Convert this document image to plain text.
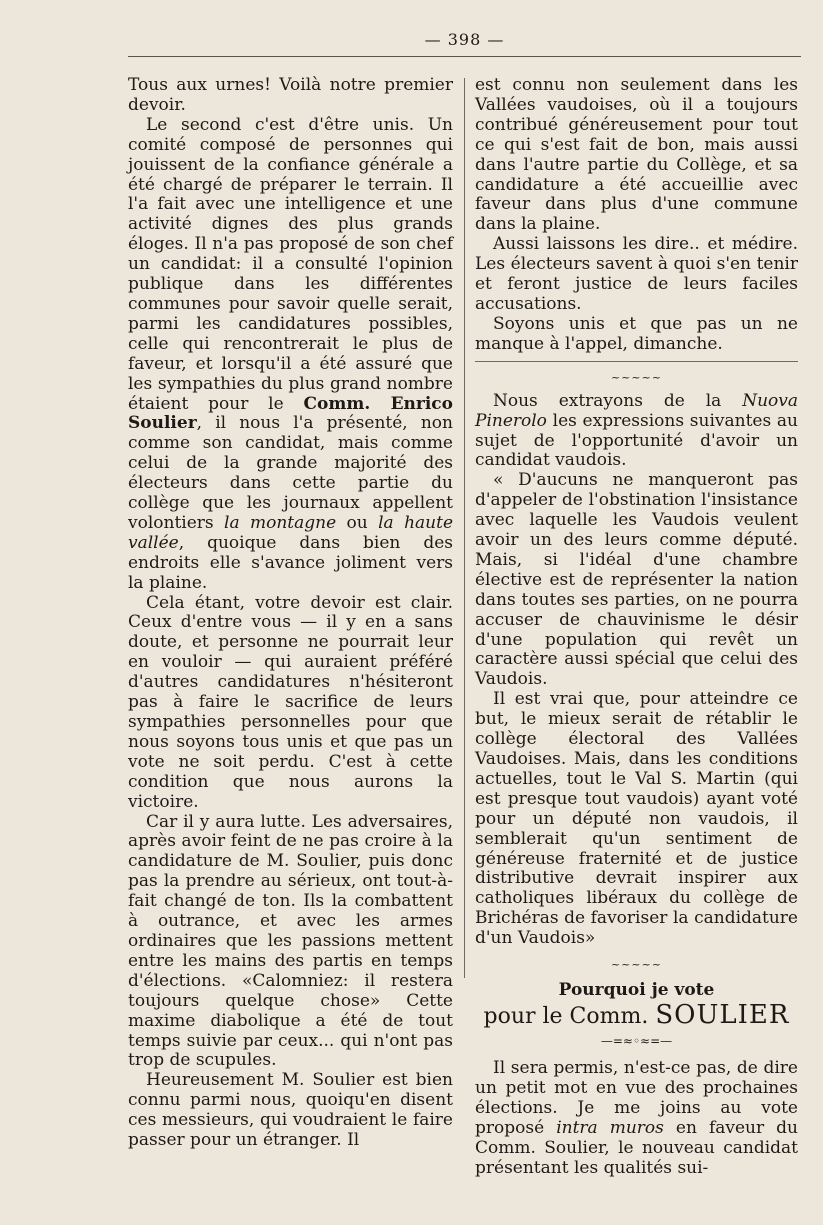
— 398 —

Tous aux urnes! Voilà notre premier devoir.

Le second c'est d'être unis. Un comité composé de personnes qui jouissent de la confiance générale a été chargé de préparer le terrain. Il l'a fait avec une intelligence et une activité dignes des plus grands éloges. Il n'a pas proposé de son chef un candidat: il a consulté l'opinion publique dans les différentes communes pour savoir quelle serait, parmi les candidatures possibles, celle qui rencontrerait le plus de faveur, et lorsqu'il a été assuré que les sympathies du plus grand nombre étaient pour le Comm. Enrico Soulier, il nous l'a présenté, non comme son candidat, mais comme celui de la grande majorité des électeurs dans cette partie du collège que les journaux appellent volontiers la montagne ou la haute vallée, quoique dans bien des endroits elle s'avance joliment vers la plaine.

Cela étant, votre devoir est clair. Ceux d'entre vous — il y en a sans doute, et personne ne pourrait leur en vouloir — qui auraient préféré d'autres candidatures n'hésiteront pas à faire le sacrifice de leurs sympathies personnelles pour que nous soyons tous unis et que pas un vote ne soit perdu. C'est à cette condition que nous aurons la victoire.

Car il y aura lutte. Les adversaires, après avoir feint de ne pas croire à la candidature de M. Soulier, puis donc pas la prendre au sérieux, ont tout-à-fait changé de ton. Ils la combattent à outrance, et avec les armes ordinaires que les passions mettent entre les mains des partis en temps d'élections. «Calomniez: il restera toujours quelque chose» Cette maxime diabolique a été de tout temps suivie par ceux... qui n'ont pas trop de scupules.

Heureusement M. Soulier est bien connu parmi nous, quoiqu'en disent ces messieurs, qui voudraient le faire passer pour un étranger. Il

est connu non seulement dans les Vallées vaudoises, où il a toujours contribué généreusement pour tout ce qui s'est fait de bon, mais aussi dans l'autre partie du Collège, et sa candidature a été accueillie avec faveur dans plus d'une commune dans la plaine.

Aussi laissons les dire.. et médire. Les électeurs savent à quoi s'en tenir et feront justice de leurs faciles accusations.

Soyons unis et que pas un ne manque à l'appel, dimanche.

~~~~~

Nous extrayons de la Nuova Pinerolo les expressions suivantes au sujet de l'opportunité d'avoir un candidat vaudois.

« D'aucuns ne manqueront pas d'appeler de l'obstination l'insistance avec laquelle les Vaudois veulent avoir un des leurs comme député. Mais, si l'idéal d'une chambre élective est de représenter la nation dans toutes ses parties, on ne pourra accuser de chauvinisme le désir d'une population qui revêt un caractère aussi spécial que celui des Vaudois.

Il est vrai que, pour atteindre ce but, le mieux serait de rétablir le collège électoral des Vallées Vaudoises. Mais, dans les conditions actuelles, tout le Val S. Martin (qui est presque tout vaudois) ayant voté pour un député non vaudois, il semblerait qu'un sentiment de généreuse fraternité et de justice distributive devrait inspirer aux catholiques libéraux du collège de Brichéras de favoriser la candidature d'un Vaudois»

~~~~~
Pourquoi je vote
pour le Comm. SOULIER
—=≈◦≈=—

Il sera permis, n'est-ce pas, de dire un petit mot en vue des prochaines élections. Je me joins au vote proposé intra muros en faveur du Comm. Soulier, le nouveau candidat présentant les qualités sui-
